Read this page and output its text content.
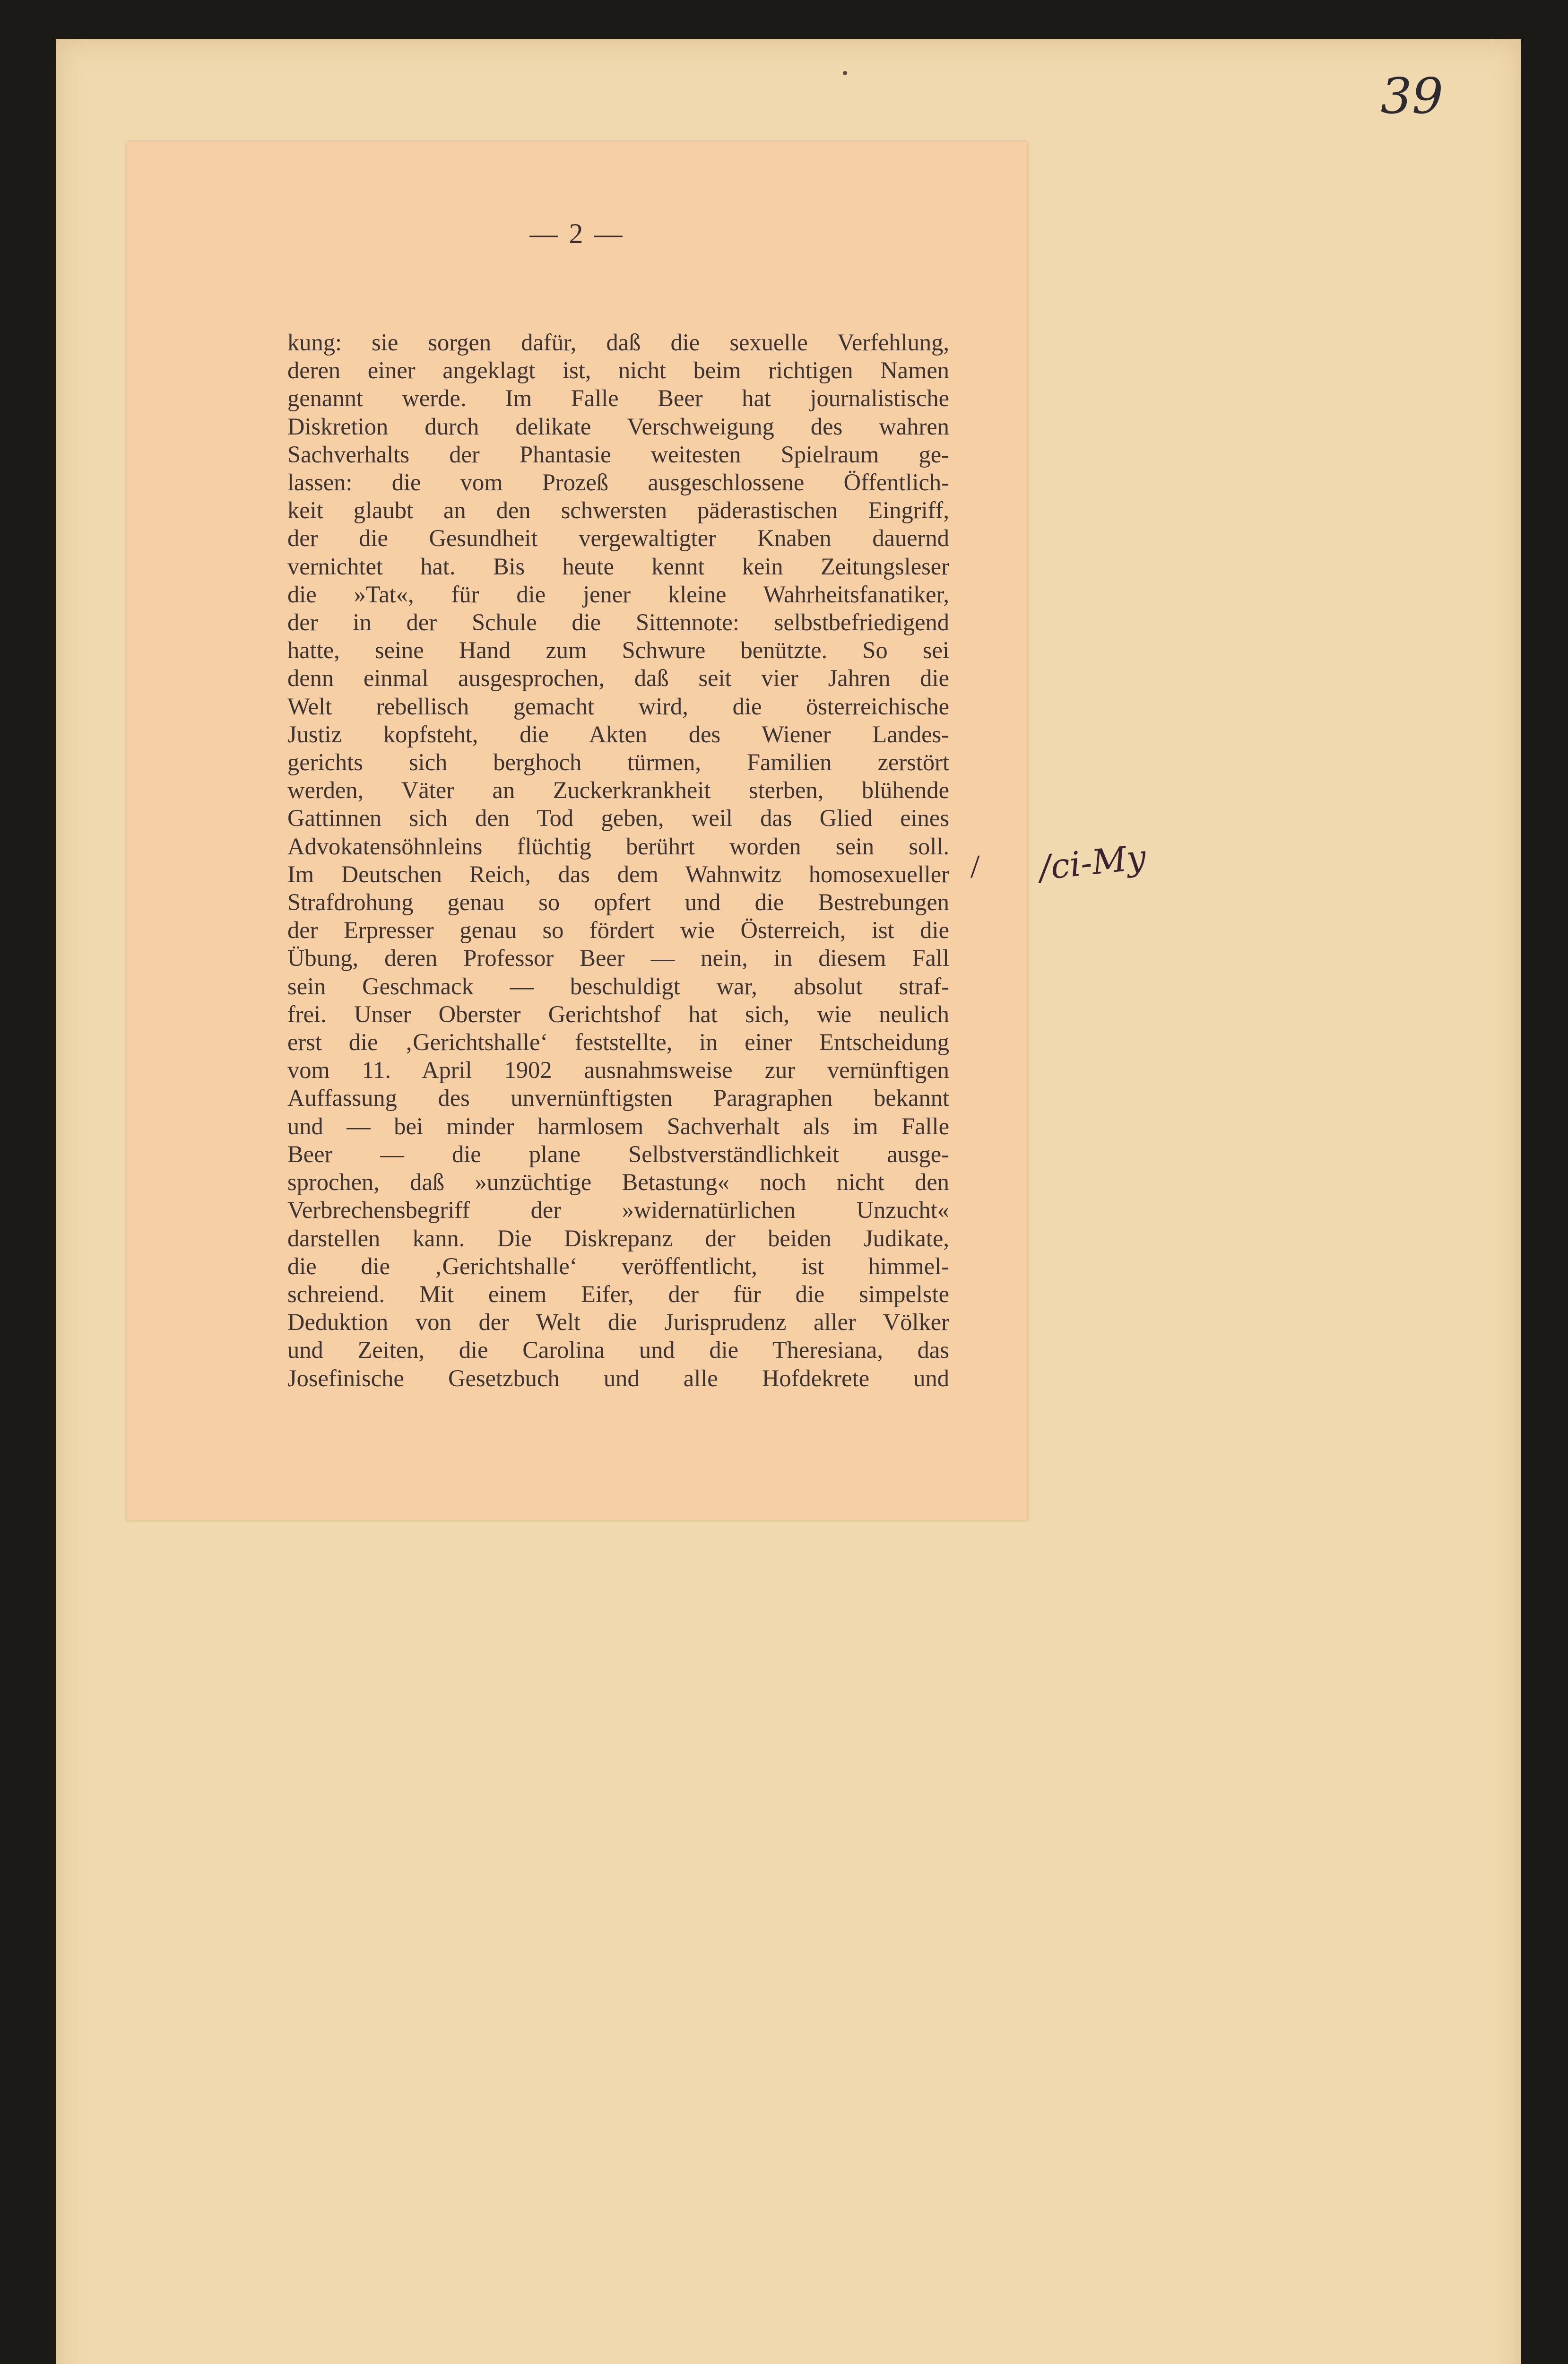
39

— 2 —

kung: sie sorgen dafür, daß die sexuelle Verfehlung,
deren einer angeklagt ist, nicht beim richtigen Namen
genannt werde. Im Falle Beer hat journalistische
Diskretion durch delikate Verschweigung des wahren
Sachverhalts der Phantasie weitesten Spielraum ge-
lassen: die vom Prozeß ausgeschlossene Öffentlich-
keit glaubt an den schwersten päderastischen Eingriff,
der die Gesundheit vergewaltigter Knaben dauernd
vernichtet hat. Bis heute kennt kein Zeitungsleser
die »Tat«, für die jener kleine Wahrheitsfanatiker,
der in der Schule die Sittennote: selbstbefriedigend
hatte, seine Hand zum Schwure benützte. So sei
denn einmal ausgesprochen, daß seit vier Jahren die
Welt rebellisch gemacht wird, die österreichische
Justiz kopfsteht, die Akten des Wiener Landes-
gerichts sich berghoch türmen, Familien zerstört
werden, Väter an Zuckerkrankheit sterben, blühende
Gattinnen sich den Tod geben, weil das Glied eines
Advokatensöhnleins flüchtig berührt worden sein soll.
Im Deutschen Reich, das dem Wahnwitz homosexueller
Strafdrohung genau so opfert und die Bestrebungen
der Erpresser genau so fördert wie Österreich, ist die
Übung, deren Professor Beer — nein, in diesem Fall
sein Geschmack — beschuldigt war, absolut straf-
frei. Unser Oberster Gerichtshof hat sich, wie neulich
erst die ‚Gerichtshalle‘ feststellte, in einer Entscheidung
vom 11. April 1902 ausnahmsweise zur vernünftigen
Auffassung des unvernünftigsten Paragraphen bekannt
und — bei minder harmlosem Sachverhalt als im Falle
Beer — die plane Selbstverständlichkeit ausge-
sprochen, daß »unzüchtige Betastung« noch nicht den
Verbrechensbegriff der »widernatürlichen Unzucht«
darstellen kann. Die Diskrepanz der beiden Judikate,
die die ‚Gerichtshalle‘ veröffentlicht, ist himmel-
schreiend. Mit einem Eifer, der für die simpelste
Deduktion von der Welt die Jurisprudenz aller Völker
und Zeiten, die Carolina und die Theresiana, das
Josefinische Gesetzbuch und alle Hofdekrete und

/ /ci-My
